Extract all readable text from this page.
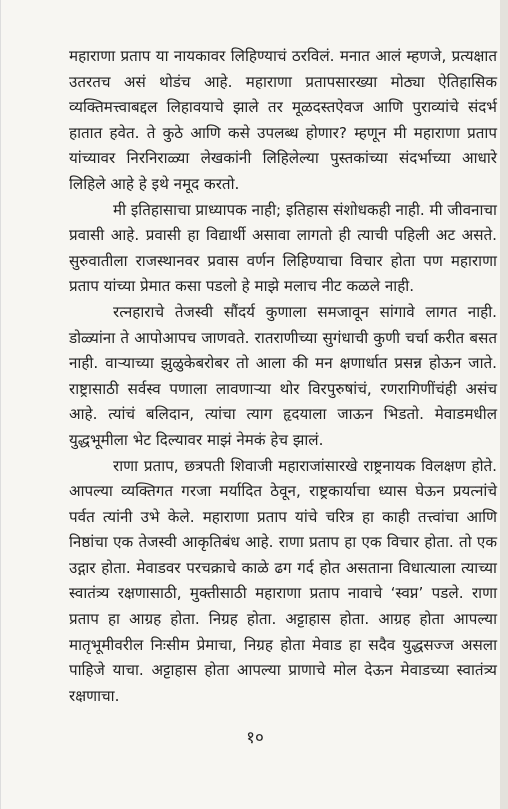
महाराणा प्रताप या नायकावर लिहिण्याचं ठरविलं. मनात आलं म्हणजे, प्रत्यक्षात उतरतच असं थोडंच आहे. महाराणा प्रतापसारख्या मोठ्या ऐतिहासिक व्यक्तिमत्त्वाबद्दल लिहावयाचे झाले तर मूळदस्तऐवज आणि पुराव्यांचे संदर्भ हातात हवेत. ते कुठे आणि कसे उपलब्ध होणार? म्हणून मी महाराणा प्रताप यांच्यावर निरनिराळ्या लेखकांनी लिहिलेल्या पुस्तकांच्या संदर्भाच्या आधारे लिहिले आहे हे इथे नमूद करतो.

मी इतिहासाचा प्राध्यापक नाही; इतिहास संशोधकही नाही. मी जीवनाचा प्रवासी आहे. प्रवासी हा विद्यार्थी असावा लागतो ही त्याची पहिली अट असते. सुरुवातीला राजस्थानवर प्रवास वर्णन लिहिण्याचा विचार होता पण महाराणा प्रताप यांच्या प्रेमात कसा पडलो हे माझे मलाच नीट कळले नाही.

रत्नहाराचे तेजस्वी सौंदर्य कुणाला समजावून सांगावे लागत नाही. डोळ्यांना ते आपोआपच जाणवते. रातराणीच्या सुगंधाची कुणी चर्चा करीत बसत नाही. वाऱ्याच्या झुळुकेबरोबर तो आला की मन क्षणार्धात प्रसन्न होऊन जाते. राष्ट्रासाठी सर्वस्व पणाला लावणाऱ्या थोर विरपुरुषांचं, रणरागिणींचंही असंच आहे. त्यांचं बलिदान, त्यांचा त्याग हृदयाला जाऊन भिडतो. मेवाडमधील युद्धभूमीला भेट दिल्यावर माझं नेमकं हेच झालं.

राणा प्रताप, छत्रपती शिवाजी महाराजांसारखे राष्ट्रनायक विलक्षण होते. आपल्या व्यक्तिगत गरजा मर्यादित ठेवून, राष्ट्रकार्याचा ध्यास घेऊन प्रयत्नांचे पर्वत त्यांनी उभे केले. महाराणा प्रताप यांचे चरित्र हा काही तत्त्वांचा आणि निष्ठांचा एक तेजस्वी आकृतिबंध आहे. राणा प्रताप हा एक विचार होता. तो एक उद्गार होता. मेवाडवर परचक्राचे काळे ढग गर्द होत असताना विधात्याला त्याच्या स्वातंत्र्य रक्षणासाठी, मुक्तीसाठी महाराणा प्रताप नावाचे ‘स्वप्न’ पडले. राणा प्रताप हा आग्रह होता. निग्रह होता. अट्टाहास होता. आग्रह होता आपल्या मातृभूमीवरील निःसीम प्रेमाचा, निग्रह होता मेवाड हा सदैव युद्धसज्ज असला पाहिजे याचा. अट्टाहास होता आपल्या प्राणाचे मोल देऊन मेवाडच्या स्वातंत्र्य रक्षणाचा.

१०
